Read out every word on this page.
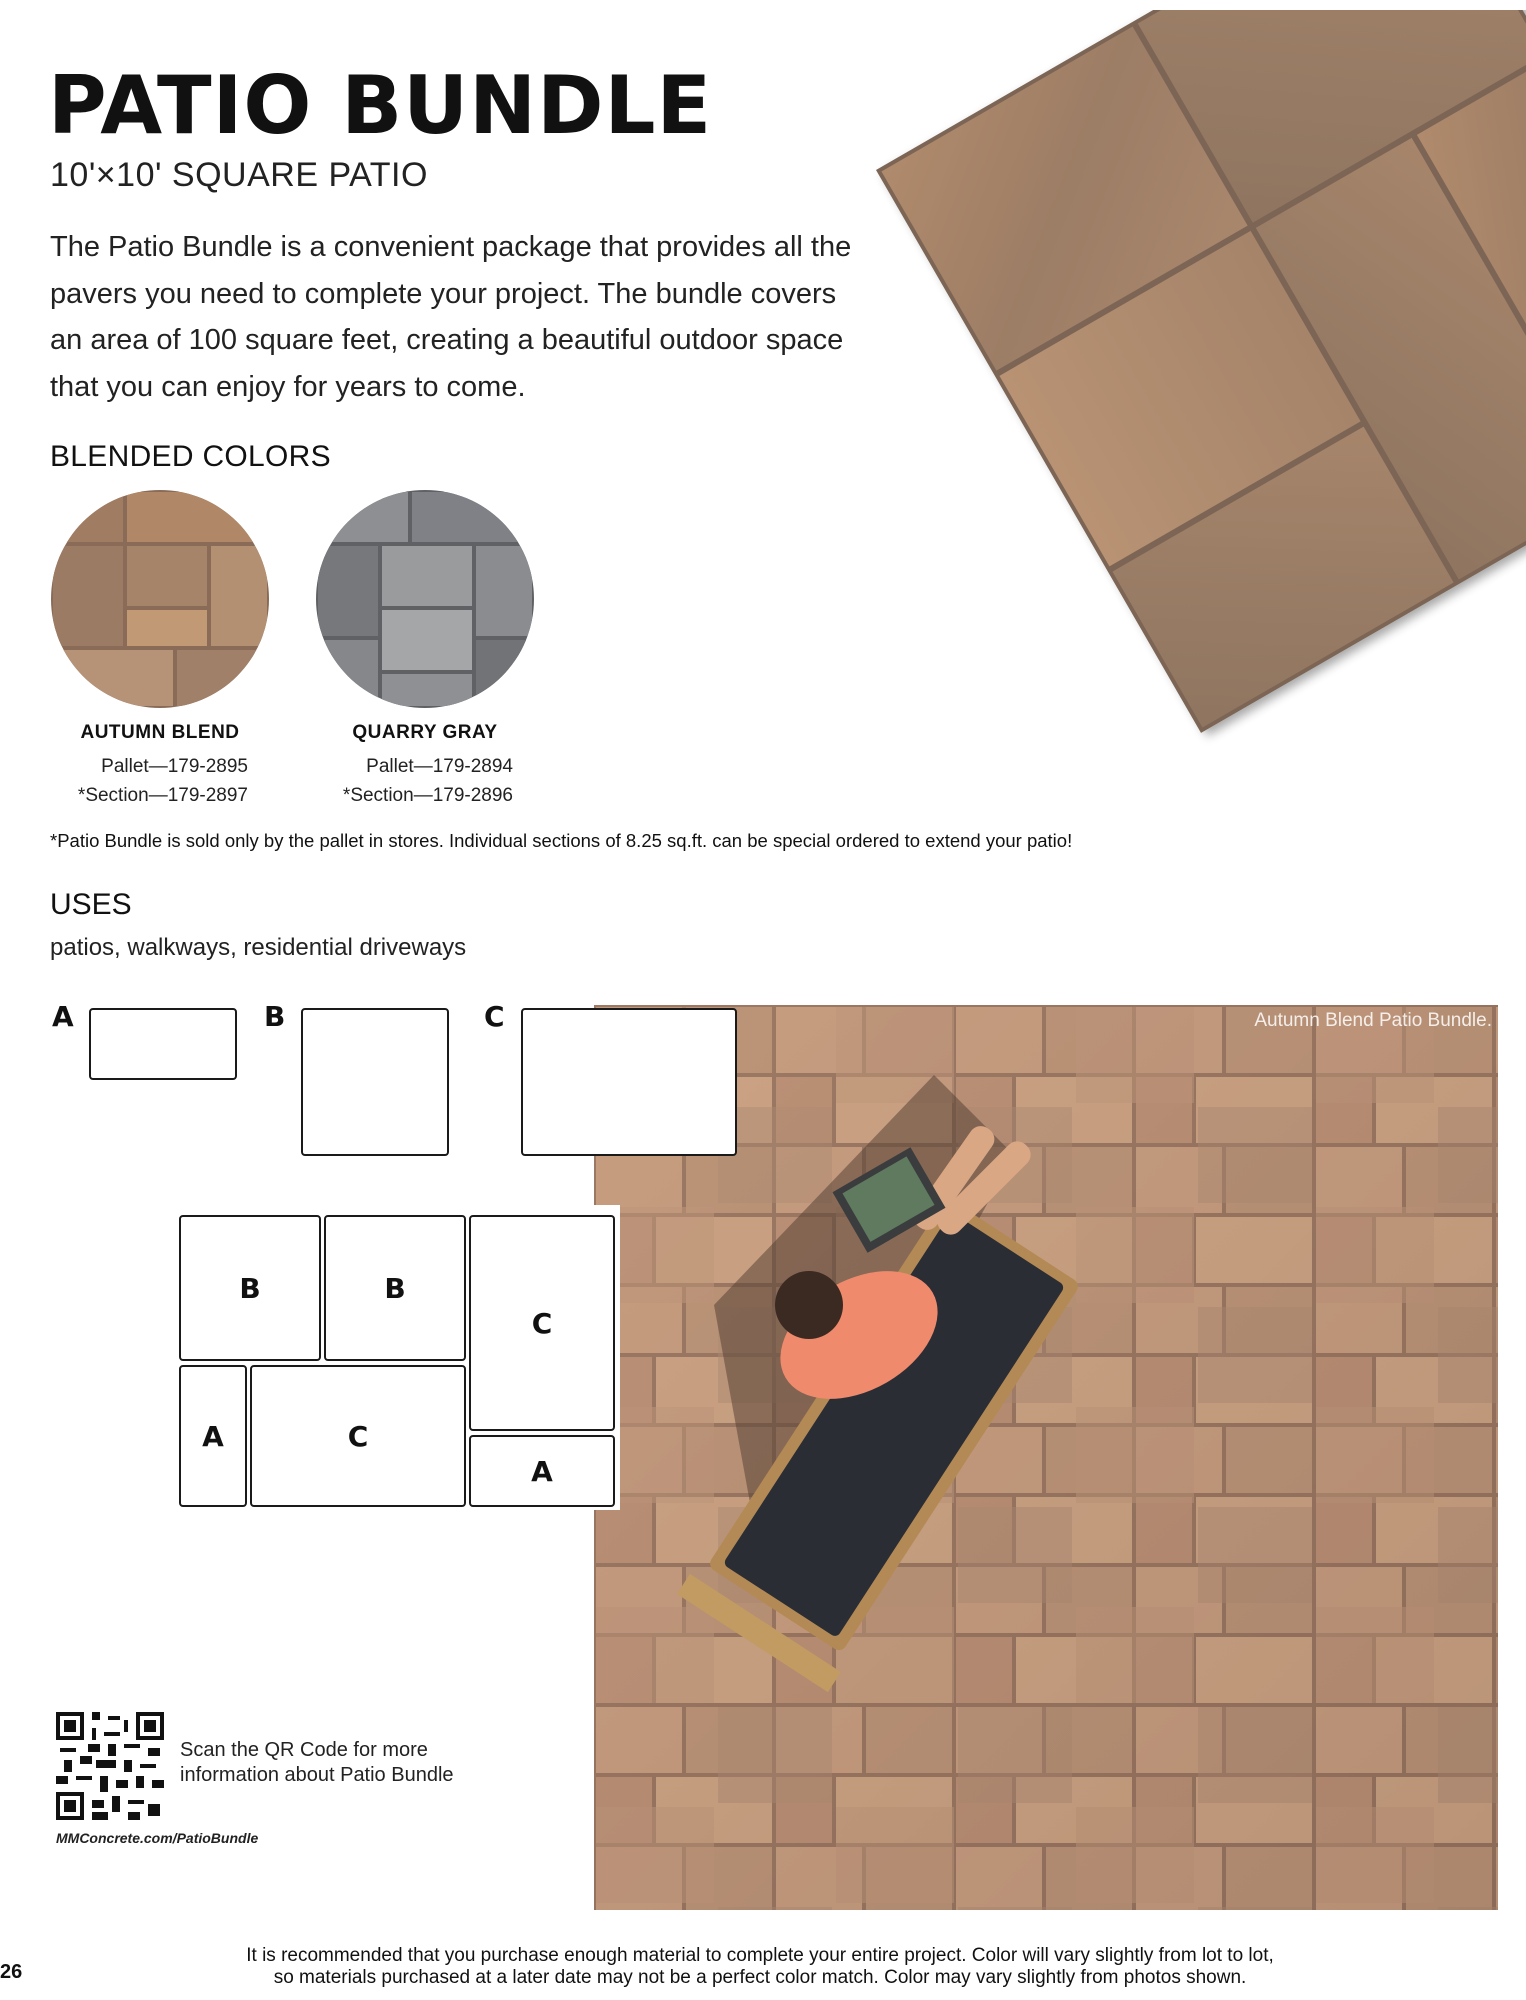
PATIO BUNDLE
10'×10' SQUARE PATIO
The Patio Bundle is a convenient package that provides all the pavers you need to complete your project. The bundle covers an area of 100 square feet, creating a beautiful outdoor space that you can enjoy for years to come.
BLENDED COLORS
AUTUMN BLEND
Pallet—179-2895
*Section—179-2897
QUARRY GRAY
Pallet—179-2894
*Section—179-2896
*Patio Bundle is sold only by the pallet in stores. Individual sections of 8.25 sq.ft. can be special ordered to extend your patio!
USES
patios, walkways, residential driveways
Autumn Blend Patio Bundle.
A	B	C
B	B
C
A	C
A
Scan the QR Code for more
information about Patio Bundle
MMConcrete.com/PatioBundle
26
It is recommended that you purchase enough material to complete your entire project. Color will vary slightly from lot to lot,
so materials purchased at a later date may not be a perfect color match. Color may vary slightly from photos shown.
